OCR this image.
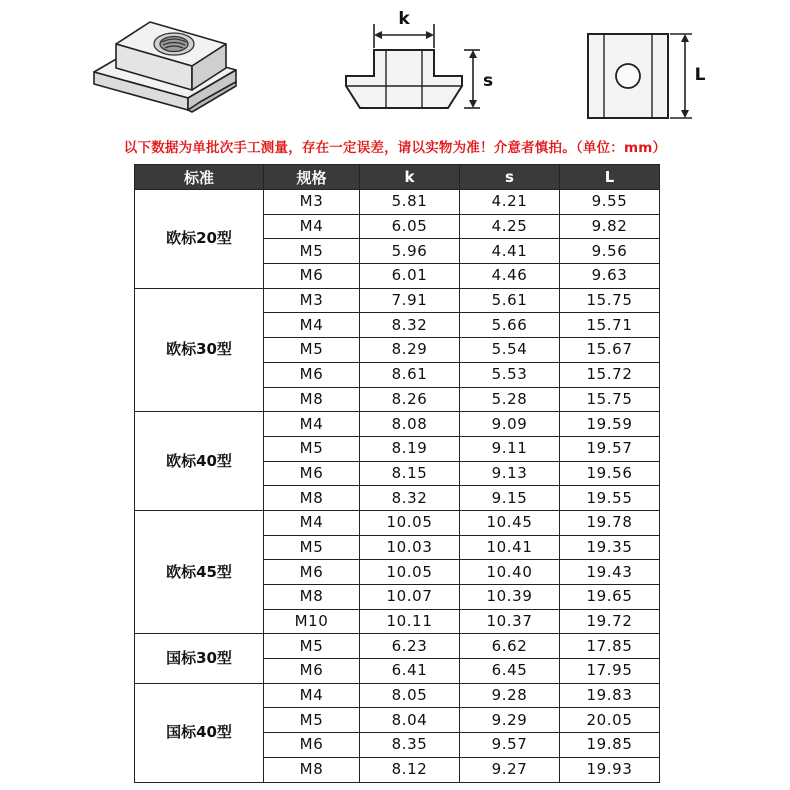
k
s	L
以下数据为单批次手工测量，存在一定误差，请以实物为准！介意者慎拍。（单位：mm）
标准	规格	k	s	L
欧标20型	M3	5.81	4.21	9.55
	M4	6.05	4.25	9.82
	M5	5.96	4.41	9.56
	M6	6.01	4.46	9.63
欧标30型	M3	7.91	5.61	15.75
	M4	8.32	5.66	15.71
	M5	8.29	5.54	15.67
	M6	8.61	5.53	15.72
	M8	8.26	5.28	15.75
欧标40型	M4	8.08	9.09	19.59
	M5	8.19	9.11	19.57
	M6	8.15	9.13	19.56
	M8	8.32	9.15	19.55
欧标45型	M4	10.05	10.45	19.78
	M5	10.03	10.41	19.35
	M6	10.05	10.40	19.43
	M8	10.07	10.39	19.65
	M10	10.11	10.37	19.72
国标30型	M5	6.23	6.62	17.85
	M6	6.41	6.45	17.95
国标40型	M4	8.05	9.28	19.83
	M5	8.04	9.29	20.05
	M6	8.35	9.57	19.85
	M8	8.12	9.27	19.93
